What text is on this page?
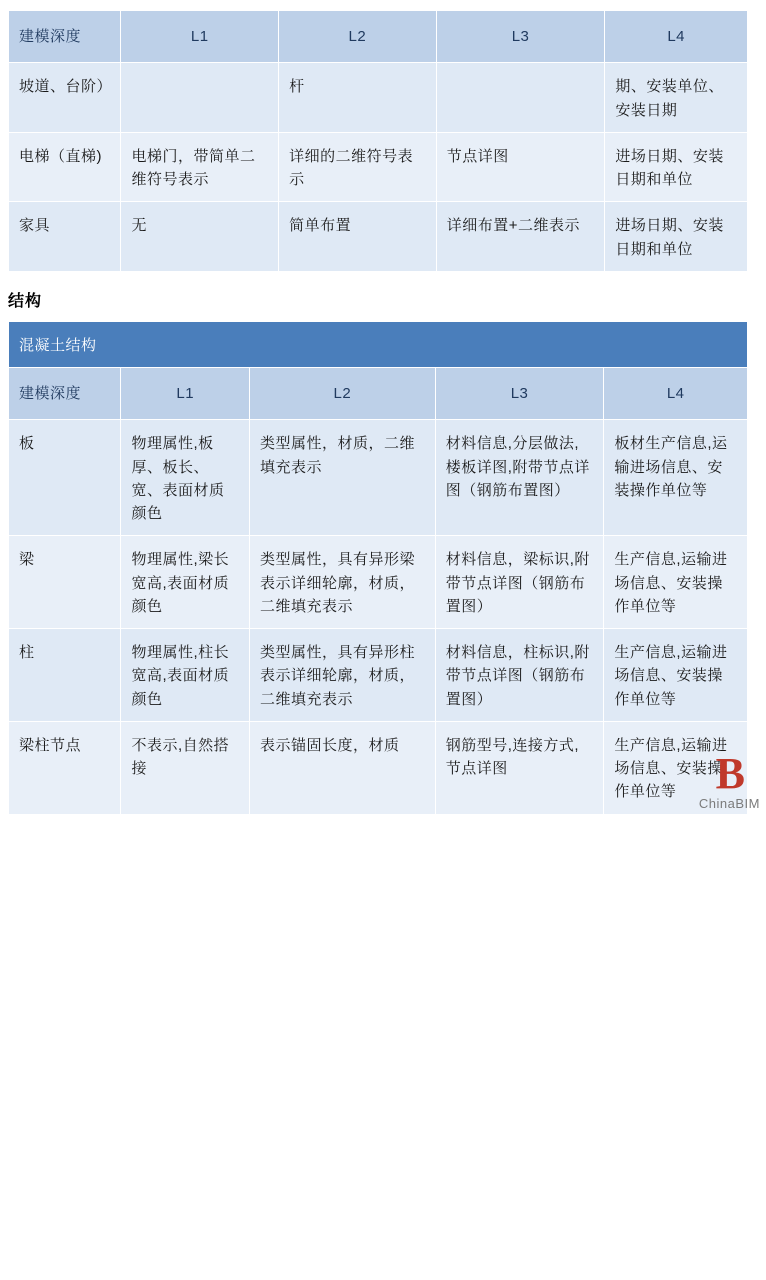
建模深度	L1	L2	L3	L4
坡道、台阶）		杆		期、安装单位、安装日期
电梯（直梯)	电梯门，带简单二维符号表示	详细的二维符号表示	节点详图	进场日期、安装日期和单位
家具	无	简单布置	详细布置+二维表示	进场日期、安装日期和单位
结构
混凝土结构				
建模深度	L1	L2	L3	L4
板	物理属性,板厚、板长、宽、表面材质颜色	类型属性，材质，二维填充表示	材料信息,分层做法,楼板详图,附带节点详图（钢筋布置图）	板材生产信息,运输进场信息、安装操作单位等
梁	物理属性,梁长宽高,表面材质颜色	类型属性，具有异形梁表示详细轮廓，材质，二维填充表示	材料信息，梁标识,附带节点详图（钢筋布置图）	生产信息,运输进场信息、安装操作单位等
柱	物理属性,柱长宽高,表面材质颜色	类型属性，具有异形柱表示详细轮廓，材质，二维填充表示	材料信息，柱标识,附带节点详图（钢筋布置图）	生产信息,运输进场信息、安装操作单位等
梁柱节点	不表示,自然搭接	表示锚固长度，材质	钢筋型号,连接方式,节点详图	生产信息,运输进场信息、安装操作单位等 B
ChinaBIM
